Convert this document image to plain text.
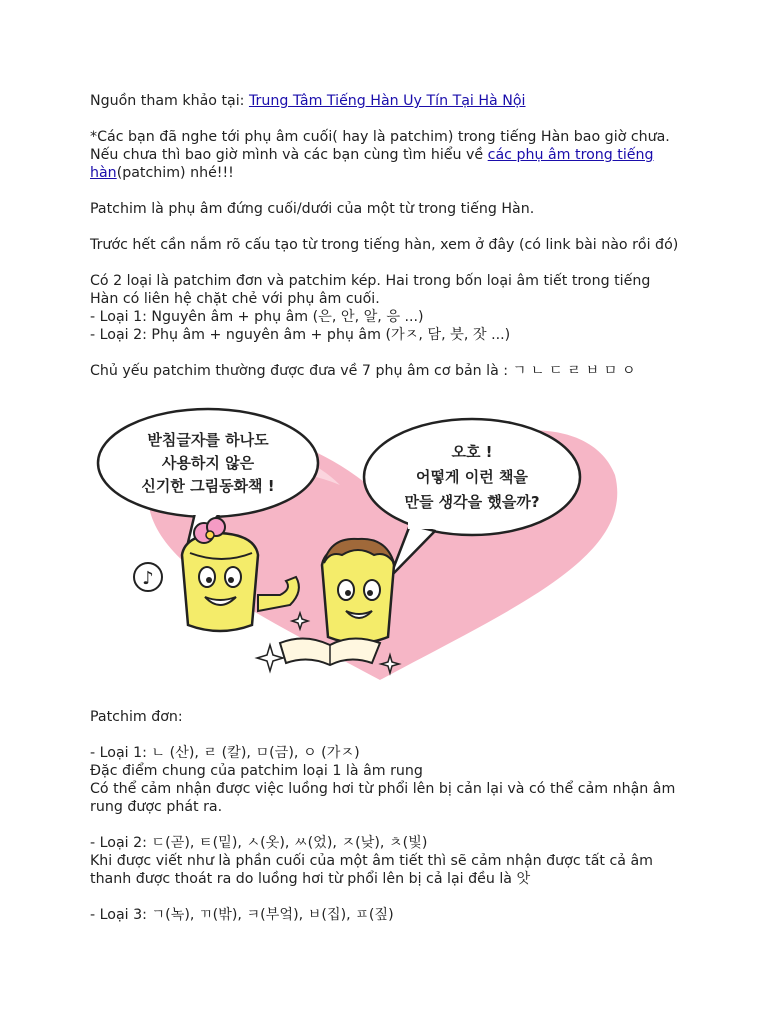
Nguồn tham khảo tại: Trung Tâm Tiếng Hàn Uy Tín Tại Hà Nội

*Các bạn đã nghe tới phụ âm cuối( hay là patchim) trong tiếng Hàn bao giờ chưa. Nếu chưa thì bao giờ mình và các bạn cùng tìm hiểu về các phụ âm trong tiếng hàn(patchim) nhé!!!

Patchim là phụ âm đứng cuối/dưới của một từ trong tiếng Hàn.

Trước hết cần nắm rõ cấu tạo từ trong tiếng hàn, xem ở đây (có link bài nào rồi đó)

Có 2 loại là patchim đơn và patchim kép. Hai trong bốn loại âm tiết trong tiếng Hàn có liên hệ chặt chẻ với phụ âm cuối.

- Loại 1: Nguyên âm + phụ âm (은, 안, 알, 응 ...)

- Loại 2: Phụ âm + nguyên âm + phụ âm (가ㅈ, 담, 붓, 잣 ...)

Chủ yếu patchim thường được đưa về 7 phụ âm cơ bản là : ㄱ ㄴ ㄷ ㄹ ㅂ ㅁ ㅇ

받침글자를 하나도
사용하지 않은
신기한 그림동화책 !
오호 !
어떻게 이런 책을
만들 생각을 했을까?
♪

Patchim đơn:

- Loại 1: ㄴ (산), ㄹ (칼), ㅁ(금), ㅇ (가ㅈ)

Đặc điểm chung của patchim loại 1 là âm rung

Có thể cảm nhận được việc luồng hơi từ phổi lên bị cản lại và có thể cảm nhận âm rung được phát ra.

- Loại 2: ㄷ(곧), ㅌ(밑), ㅅ(옷), ㅆ(었), ㅈ(낮), ㅊ(빛)

Khi được viết như là phần cuối của một âm tiết thì sẽ cảm nhận được tất cả âm thanh được thoát ra do luồng hơi từ phổi lên bị cả lại đều là 앗

- Loại 3: ㄱ(녹), ㄲ(밖), ㅋ(부엌), ㅂ(집), ㅍ(짚)
